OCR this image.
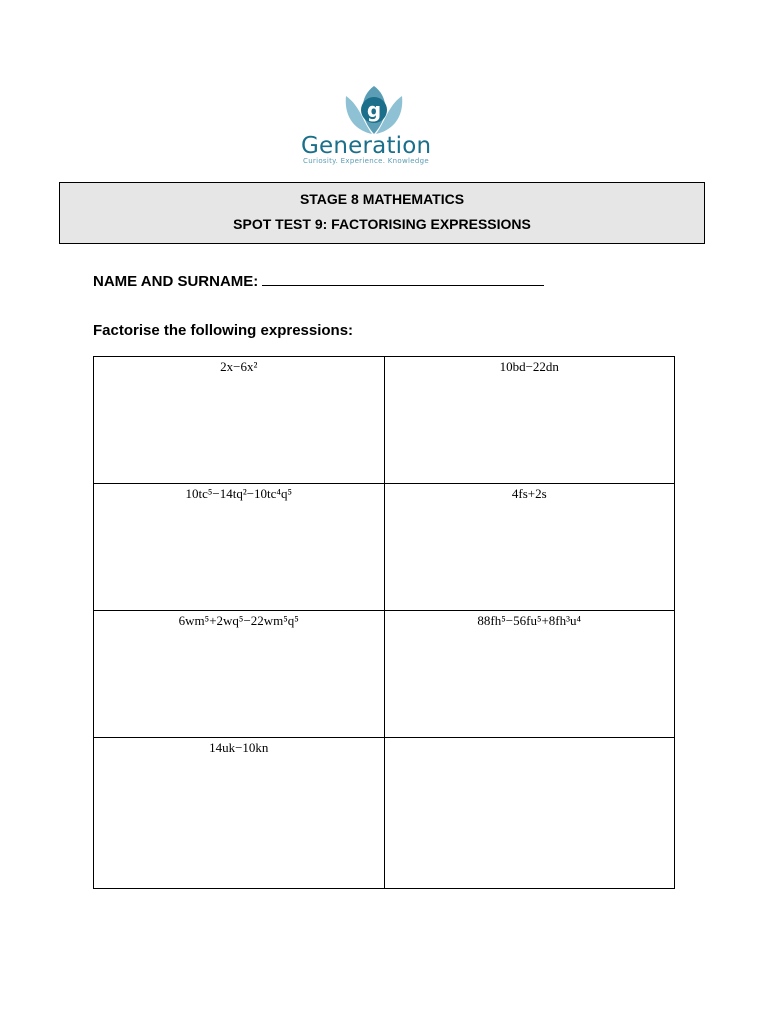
g
Generation
Curiosity. Experience. Knowledge
STAGE 8 MATHEMATICS
SPOT TEST 9: FACTORISING EXPRESSIONS
NAME AND SURNAME:
Factorise the following expressions:
2x−6x²	10bd−22dn

10tc⁵−14tq²−10tc⁴q⁵	4fs+2s

6wm⁵+2wq⁵−22wm⁵q⁵	88fh⁵−56fu⁵+8fh³u⁴

14uk−10kn	
